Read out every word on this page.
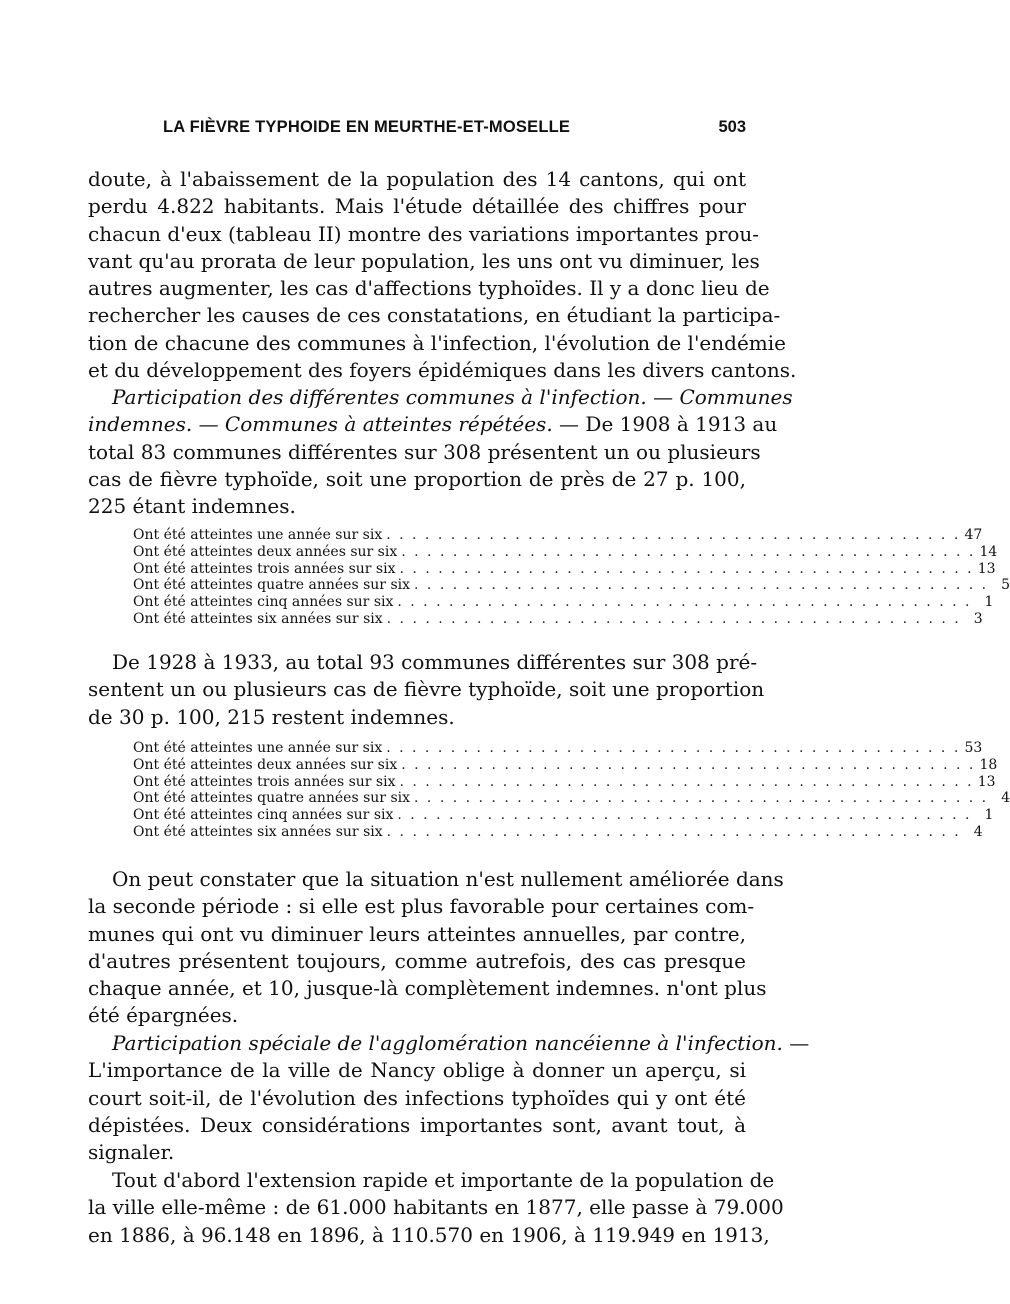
LA FIÈVRE TYPHOIDE EN MEURTHE-ET-MOSELLE	503
doute, à l'abaissement de la population des 14 cantons, qui ont
perdu 4.822 habitants. Mais l'étude détaillée des chiffres pour
chacun d'eux (tableau II) montre des variations importantes prou-
vant qu'au prorata de leur population, les uns ont vu diminuer, les
autres augmenter, les cas d'affections typhoïdes. Il y a donc lieu de
rechercher les causes de ces constatations, en étudiant la participa-
tion de chacune des communes à l'infection, l'évolution de l'endémie
et du développement des foyers épidémiques dans les divers cantons.
Participation des différentes communes à l'infection. — Communes
indemnes. — Communes à atteintes répétées. — De 1908 à 1913 au
total 83 communes différentes sur 308 présentent un ou plusieurs
cas de fièvre typhoïde, soit une proportion de près de 27 p. 100,
225 étant indemnes.
Ont été atteintes une année sur six . . .	47
Ont été atteintes deux années sur six . . .	14
Ont été atteintes trois années sur six . . .	13
Ont été atteintes quatre années sur six . . .	5
Ont été atteintes cinq années sur six . . .	1
Ont été atteintes six années sur six . . .	3
De 1928 à 1933, au total 93 communes différentes sur 308 pré-
sentent un ou plusieurs cas de fièvre typhoïde, soit une proportion
de 30 p. 100, 215 restent indemnes.
Ont été atteintes une année sur six . . .	53
Ont été atteintes deux années sur six . . .	18
Ont été atteintes trois années sur six . . .	13
Ont été atteintes quatre années sur six . . .	4
Ont été atteintes cinq années sur six . . .	1
Ont été atteintes six années sur six . . .	4
On peut constater que la situation n'est nullement améliorée dans
la seconde période : si elle est plus favorable pour certaines com-
munes qui ont vu diminuer leurs atteintes annuelles, par contre,
d'autres présentent toujours, comme autrefois, des cas presque
chaque année, et 10, jusque-là complètement indemnes. n'ont plus
été épargnées.
Participation spéciale de l'agglomération nancéienne à l'infection. —
L'importance de la ville de Nancy oblige à donner un aperçu, si
court soit-il, de l'évolution des infections typhoïdes qui y ont été
dépistées. Deux considérations importantes sont, avant tout, à
signaler.
Tout d'abord l'extension rapide et importante de la population de
la ville elle-même : de 61.000 habitants en 1877, elle passe à 79.000
en 1886, à 96.148 en 1896, à 110.570 en 1906, à 119.949 en 1913,
